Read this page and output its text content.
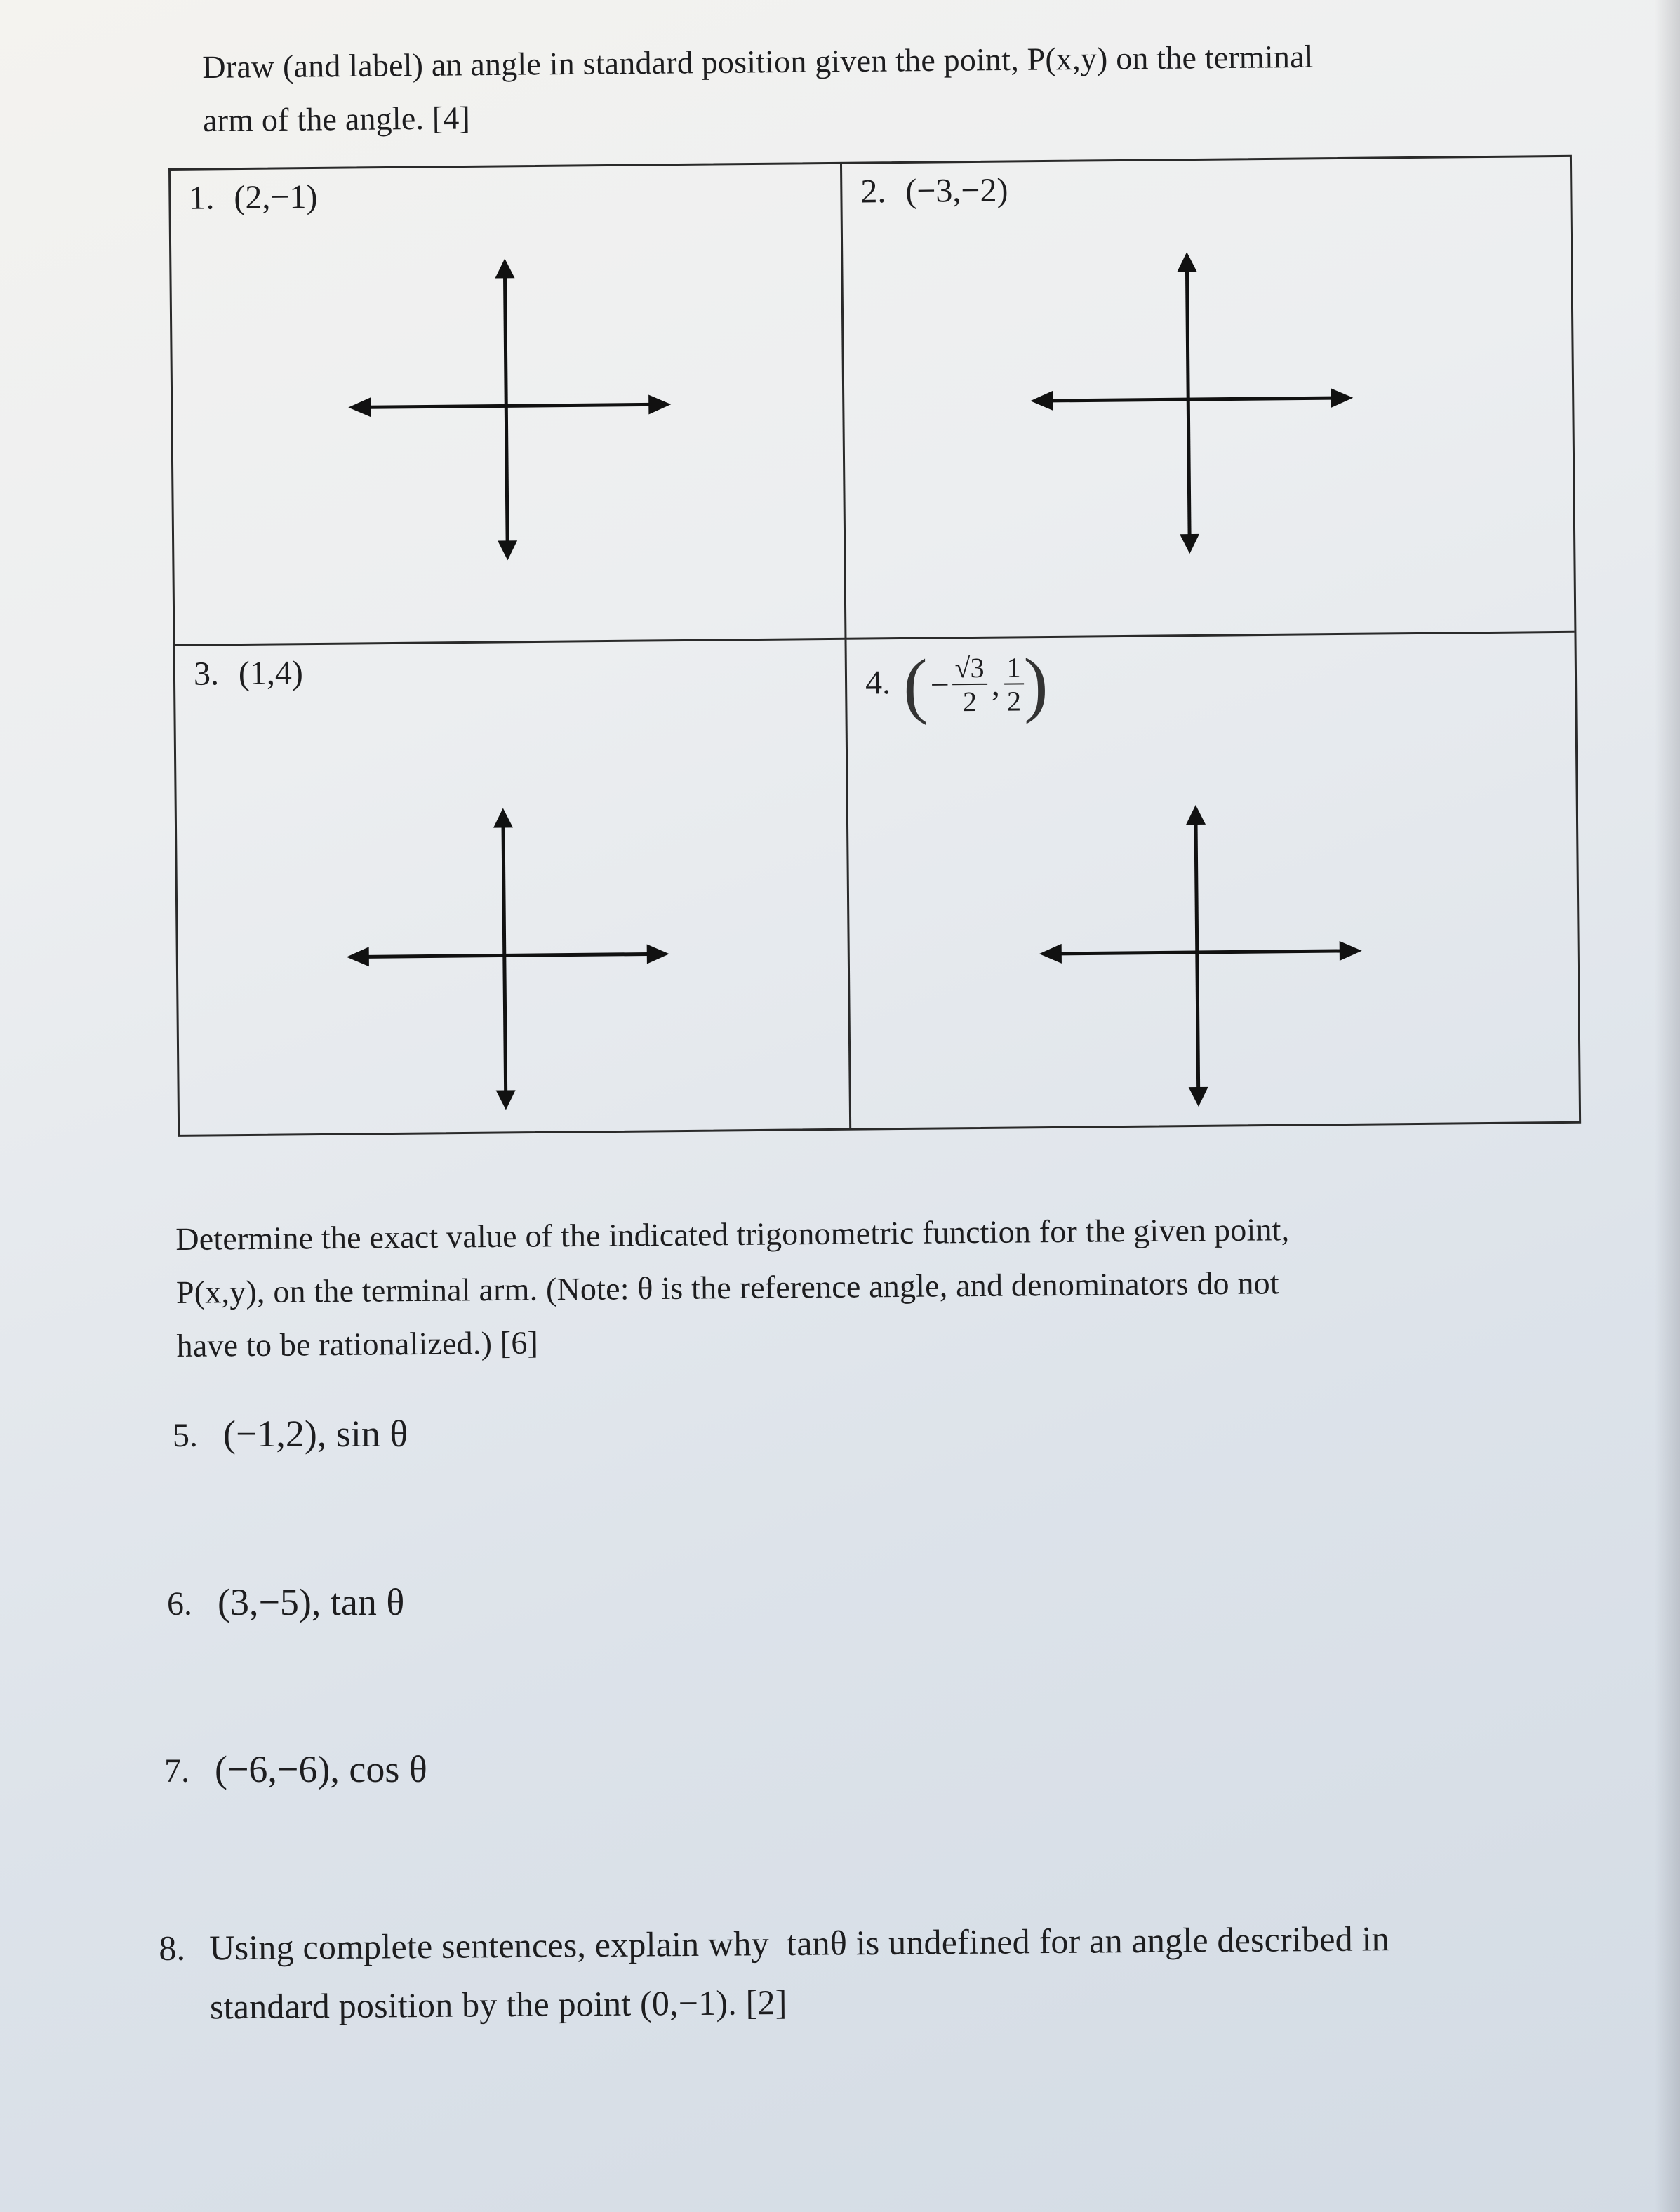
Draw (and label) an angle in standard position given the point, P(x,y) on the terminal
arm of the angle. [4]
1. (2,−1)	2. (−3,−2)
3. (1,4)	4. (− $\frac{√3}{2}$ , $\frac{1}{2}$ )
Determine the exact value of the indicated trigonometric function for the given point,
P(x,y), on the terminal arm. (Note: θ is the reference angle, and denominators do not
have to be rationalized.) [6]
5. (−1,2), sin θ
6. (3,−5), tan θ
7. (−6,−6), cos θ
8. Using complete sentences, explain why  tanθ is undefined for an angle described in
standard position by the point (0,−1). [2]
